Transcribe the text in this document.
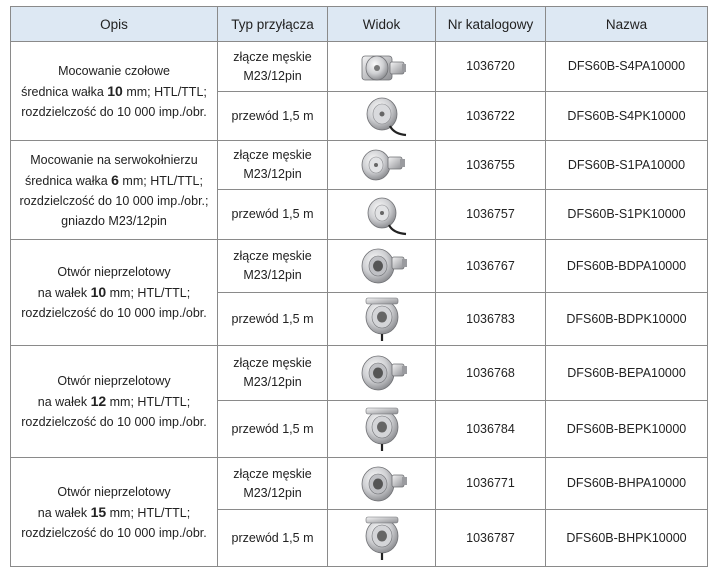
Opis	Typ przyłącza	Widok	Nr katalogowy	Nazwa
Mocowanie czołowe
średnica wałka 10 mm; HTL/TTL;
rozdzielczość do 10 000 imp./obr.	złącze męskie
M23/12pin		1036720	DFS60B-S4PA10000
	przewód 1,5 m		1036722	DFS60B-S4PK10000
Mocowanie na serwokołnierzu
średnica wałka 6 mm; HTL/TTL;
rozdzielczość do 10 000 imp./obr.;
gniazdo M23/12pin	złącze męskie
M23/12pin		1036755	DFS60B-S1PA10000
	przewód 1,5 m		1036757	DFS60B-S1PK10000
Otwór nieprzelotowy
na wałek 10 mm; HTL/TTL;
rozdzielczość do 10 000 imp./obr.	złącze męskie
M23/12pin		1036767	DFS60B-BDPA10000
	przewód 1,5 m		1036783	DFS60B-BDPK10000
Otwór nieprzelotowy
na wałek 12 mm; HTL/TTL;
rozdzielczość do 10 000 imp./obr.	złącze męskie
M23/12pin		1036768	DFS60B-BEPA10000
	przewód 1,5 m		1036784	DFS60B-BEPK10000
Otwór nieprzelotowy
na wałek 15 mm; HTL/TTL;
rozdzielczość do 10 000 imp./obr.	złącze męskie
M23/12pin		1036771	DFS60B-BHPA10000
	przewód 1,5 m		1036787	DFS60B-BHPK10000
